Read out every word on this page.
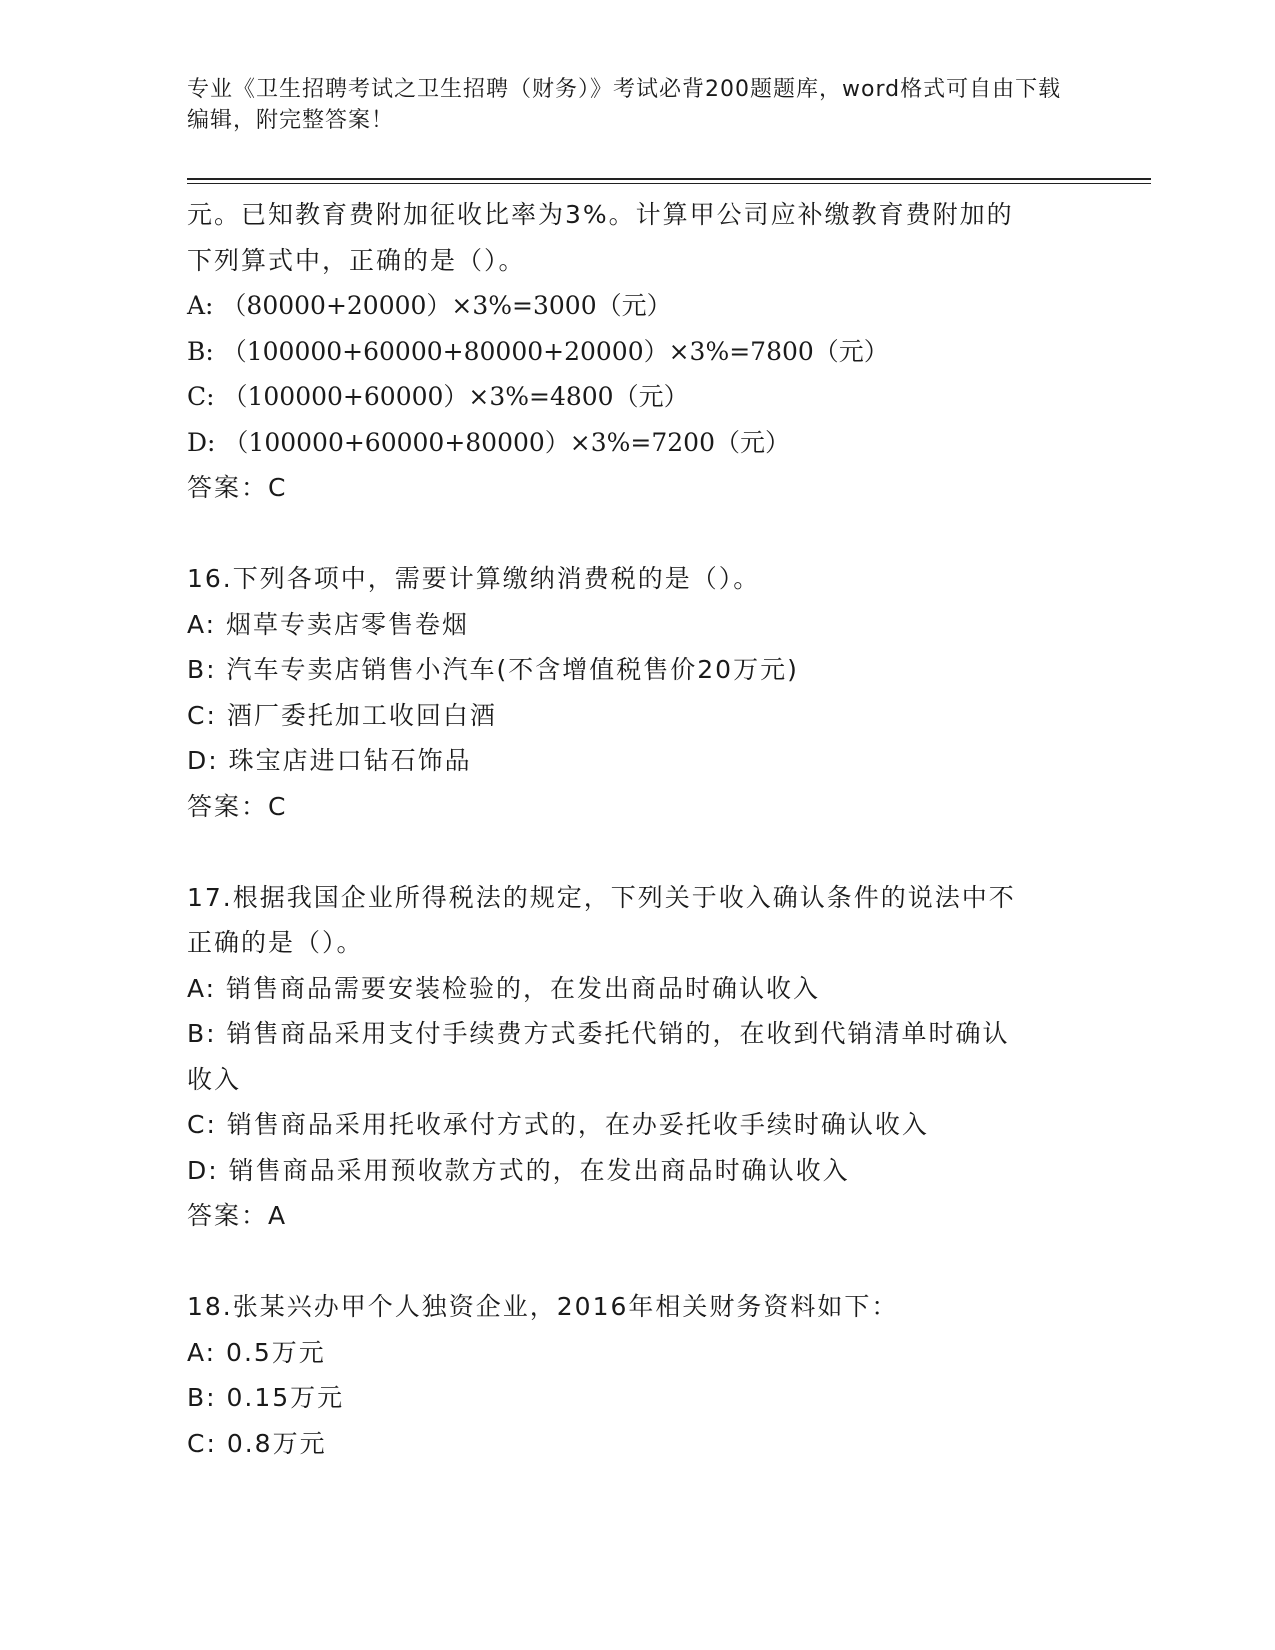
专业《卫生招聘考试之卫生招聘（财务）》考试必背200题题库，word格式可自由下载编辑，附完整答案！
元。已知教育费附加征收比率为3%。计算甲公司应补缴教育费附加的
下列算式中，正确的是（）。
A: （80000+20000）×3%=3000（元）
B: （100000+60000+80000+20000）×3%=7800（元）
C: （100000+60000）×3%=4800（元）
D: （100000+60000+80000）×3%=7200（元）
答案：C
16.下列各项中，需要计算缴纳消费税的是（）。
A: 烟草专卖店零售卷烟
B: 汽车专卖店销售小汽车(不含增值税售价20万元)
C: 酒厂委托加工收回白酒
D: 珠宝店进口钻石饰品
答案：C
17.根据我国企业所得税法的规定，下列关于收入确认条件的说法中不
正确的是（）。
A: 销售商品需要安装检验的，在发出商品时确认收入
B: 销售商品采用支付手续费方式委托代销的，在收到代销清单时确认
收入
C: 销售商品采用托收承付方式的，在办妥托收手续时确认收入
D: 销售商品采用预收款方式的，在发出商品时确认收入
答案：A
18.张某兴办甲个人独资企业，2016年相关财务资料如下：
A: 0.5万元
B: 0.15万元
C: 0.8万元
